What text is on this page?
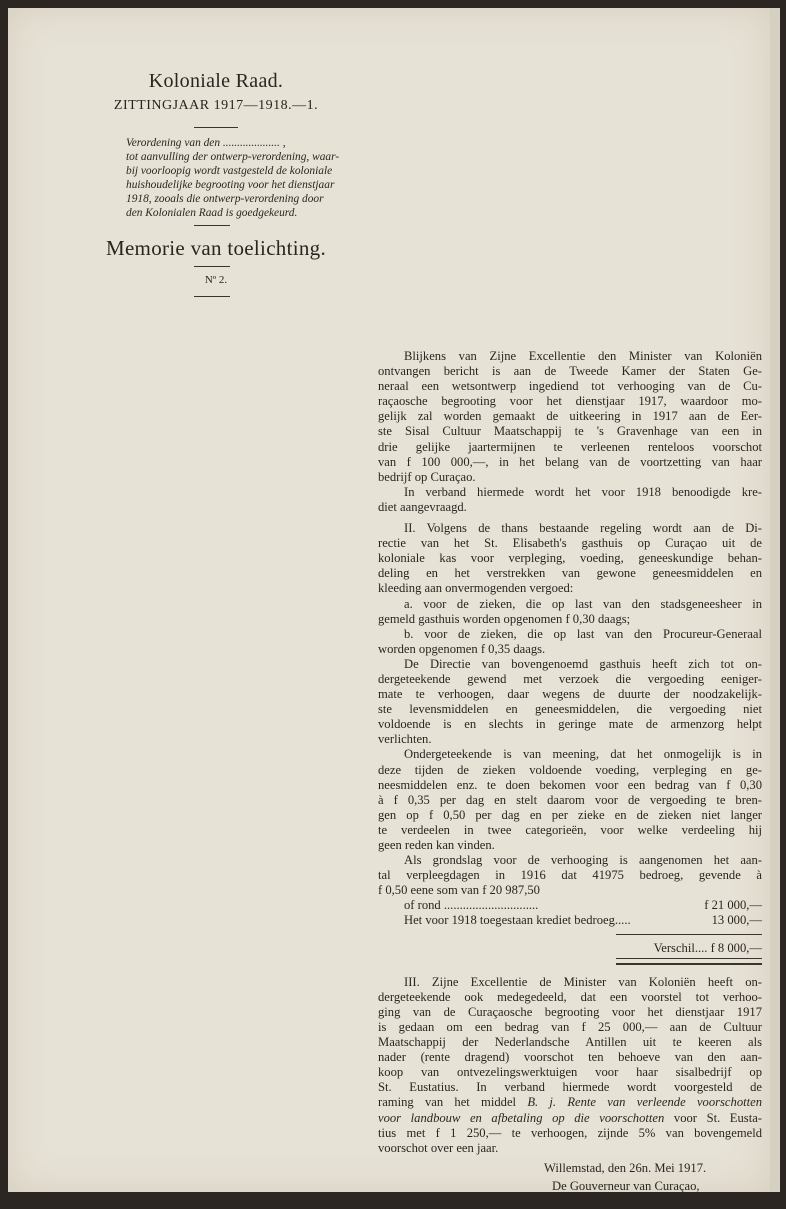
Koloniale Raad.
ZITTINGJAAR 1917—1918.—1.
Verordening van den .................... ,
tot aanvulling der ontwerp-verordening, waar-
bij voorloopig wordt vastgesteld de koloniale
huishoudelijke begrooting voor het dienstjaar
1918, zooals die ontwerp-verordening door
den Kolonialen Raad is goedgekeurd.
Memorie van toelichting.
Nº 2.
Blijkens van Zijne Excellentie den Minister van Koloniën
ontvangen bericht is aan de Tweede Kamer der Staten Ge-
neraal een wetsontwerp ingediend tot verhooging van de Cu-
raçaosche begrooting voor het dienstjaar 1917, waardoor mo-
gelijk zal worden gemaakt de uitkeering in 1917 aan de Eer-
ste Sisal Cultuur Maatschappij te 's Gravenhage van een in
drie gelijke jaartermijnen te verleenen renteloos voorschot
van f 100 000,—, in het belang van de voortzetting van haar
bedrijf op Curaçao.
In verband hiermede wordt het voor 1918 benoodigde kre-
diet aangevraagd.
II. Volgens de thans bestaande regeling wordt aan de Di-
rectie van het St. Elisabeth's gasthuis op Curaçao uit de
koloniale kas voor verpleging, voeding, geneeskundige behan-
deling en het verstrekken van gewone geneesmiddelen en
kleeding aan onvermogenden vergoed:
a. voor de zieken, die op last van den stadsgeneesheer in
gemeld gasthuis worden opgenomen f 0,30 daags;
b. voor de zieken, die op last van den Procureur-Generaal
worden opgenomen f 0,35 daags.
De Directie van bovengenoemd gasthuis heeft zich tot on-
dergeteekende gewend met verzoek die vergoeding eeniger-
mate te verhoogen, daar wegens de duurte der noodzakelijk-
ste levensmiddelen en geneesmiddelen, die vergoeding niet
voldoende is en slechts in geringe mate de armenzorg helpt
verlichten.
Ondergeteekende is van meening, dat het onmogelijk is in
deze tijden de zieken voldoende voeding, verpleging en ge-
neesmiddelen enz. te doen bekomen voor een bedrag van f 0,30
à f 0,35 per dag en stelt daarom voor de vergoeding te bren-
gen op f 0,50 per dag en per zieke en de zieken niet langer
te verdeelen in twee categorieën, voor welke verdeeling hij
geen reden kan vinden.
Als grondslag voor de verhooging is aangenomen het aan-
tal verpleegdagen in 1916 dat 41975 bedroeg, gevende à
f 0,50 eene som van f 20 987,50
of rond ..............................	f 21 000,—
Het voor 1918 toegestaan krediet bedroeg.....	13 000,—
Verschil.... f 8 000,—
III. Zijne Excellentie de Minister van Koloniën heeft on-
dergeteekende ook medegedeeld, dat een voorstel tot verhoo-
ging van de Curaçaosche begrooting voor het dienstjaar 1917
is gedaan om een bedrag van f 25 000,— aan de Cultuur
Maatschappij der Nederlandsche Antillen uit te keeren als
nader (rente dragend) voorschot ten behoeve van den aan-
koop van ontvezelingswerktuigen voor haar sisalbedrijf op
St. Eustatius. In verband hiermede wordt voorgesteld de
raming van het middel B. j. Rente van verleende voorschotten
voor landbouw en afbetaling op die voorschotten voor St. Eusta-
tius met f 1 250,— te verhoogen, zijnde 5% van bovengemeld
voorschot over een jaar.
Willemstad, den 26n. Mei 1917.
De Gouverneur van Curaçao,
NUYENS.
